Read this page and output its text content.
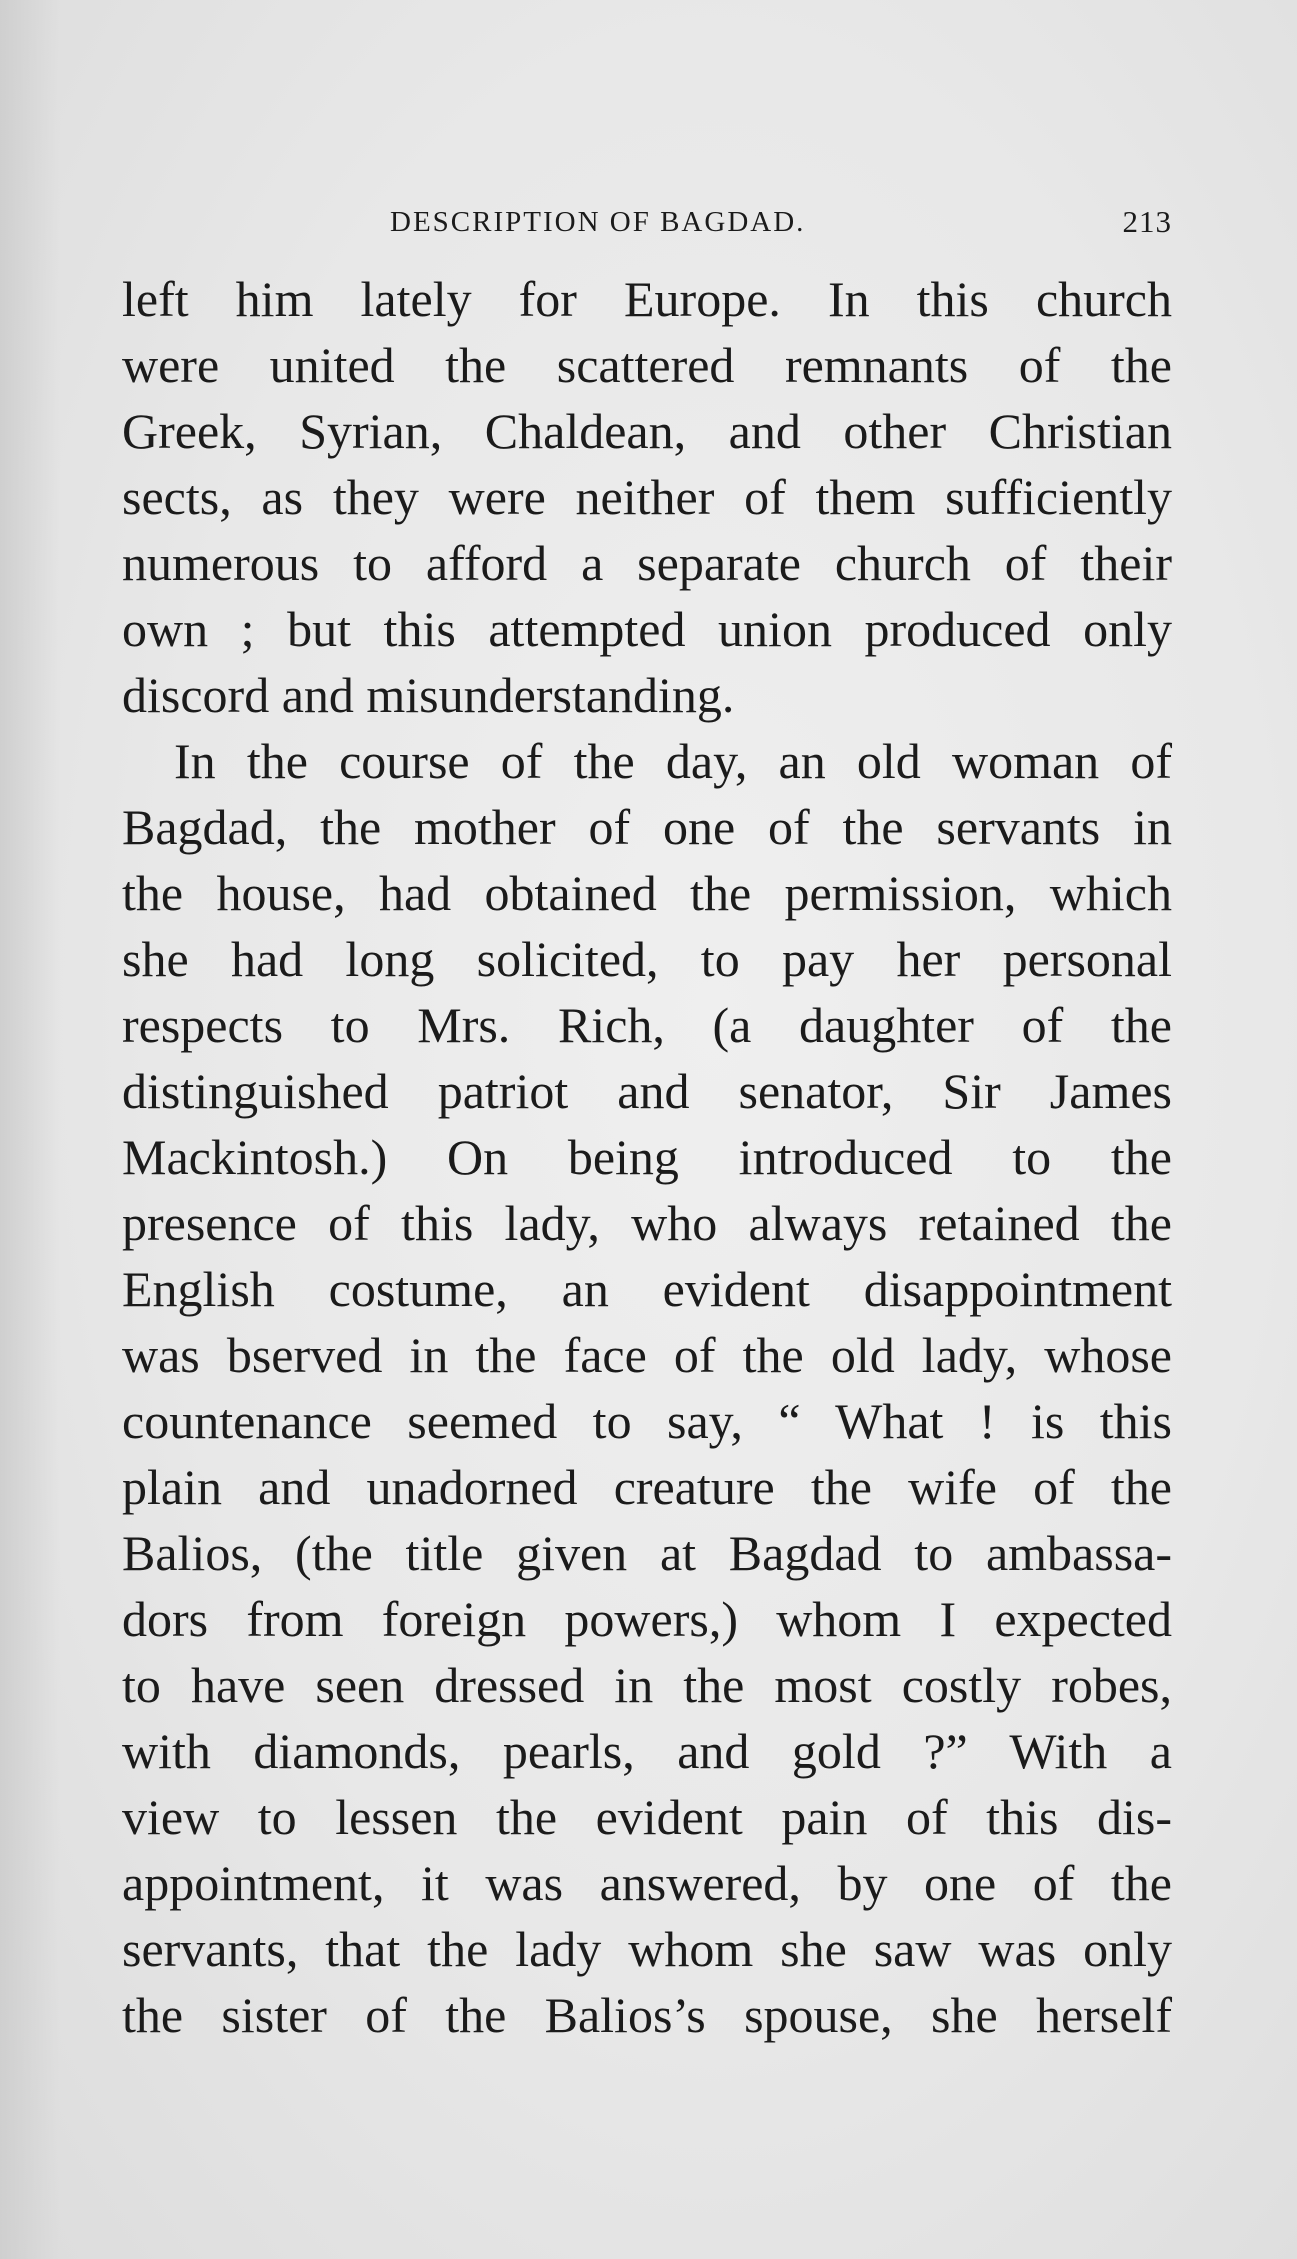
DESCRIPTION OF BAGDAD.	213
left him lately for Europe. In this church
were united the scattered remnants of the
Greek, Syrian, Chaldean, and other Christian
sects, as they were neither of them sufficiently
numerous to afford a separate church of their
own ; but this attempted union produced only
discord and misunderstanding.
In the course of the day, an old woman of
Bagdad, the mother of one of the servants in
the house, had obtained the permission, which
she had long solicited, to pay her personal
respects to Mrs. Rich, (a daughter of the
distinguished patriot and senator, Sir James
Mackintosh.) On being introduced to the
presence of this lady, who always retained the
English costume, an evident disappointment
was bserved in the face of the old lady, whose
countenance seemed to say, “ What ! is this
plain and unadorned creature the wife of the
Balios, (the title given at Bagdad to ambassa-
dors from foreign powers,) whom I expected
to have seen dressed in the most costly robes,
with diamonds, pearls, and gold ?” With a
view to lessen the evident pain of this dis-
appointment, it was answered, by one of the
servants, that the lady whom she saw was only
the sister of the Balios’s spouse, she herself
